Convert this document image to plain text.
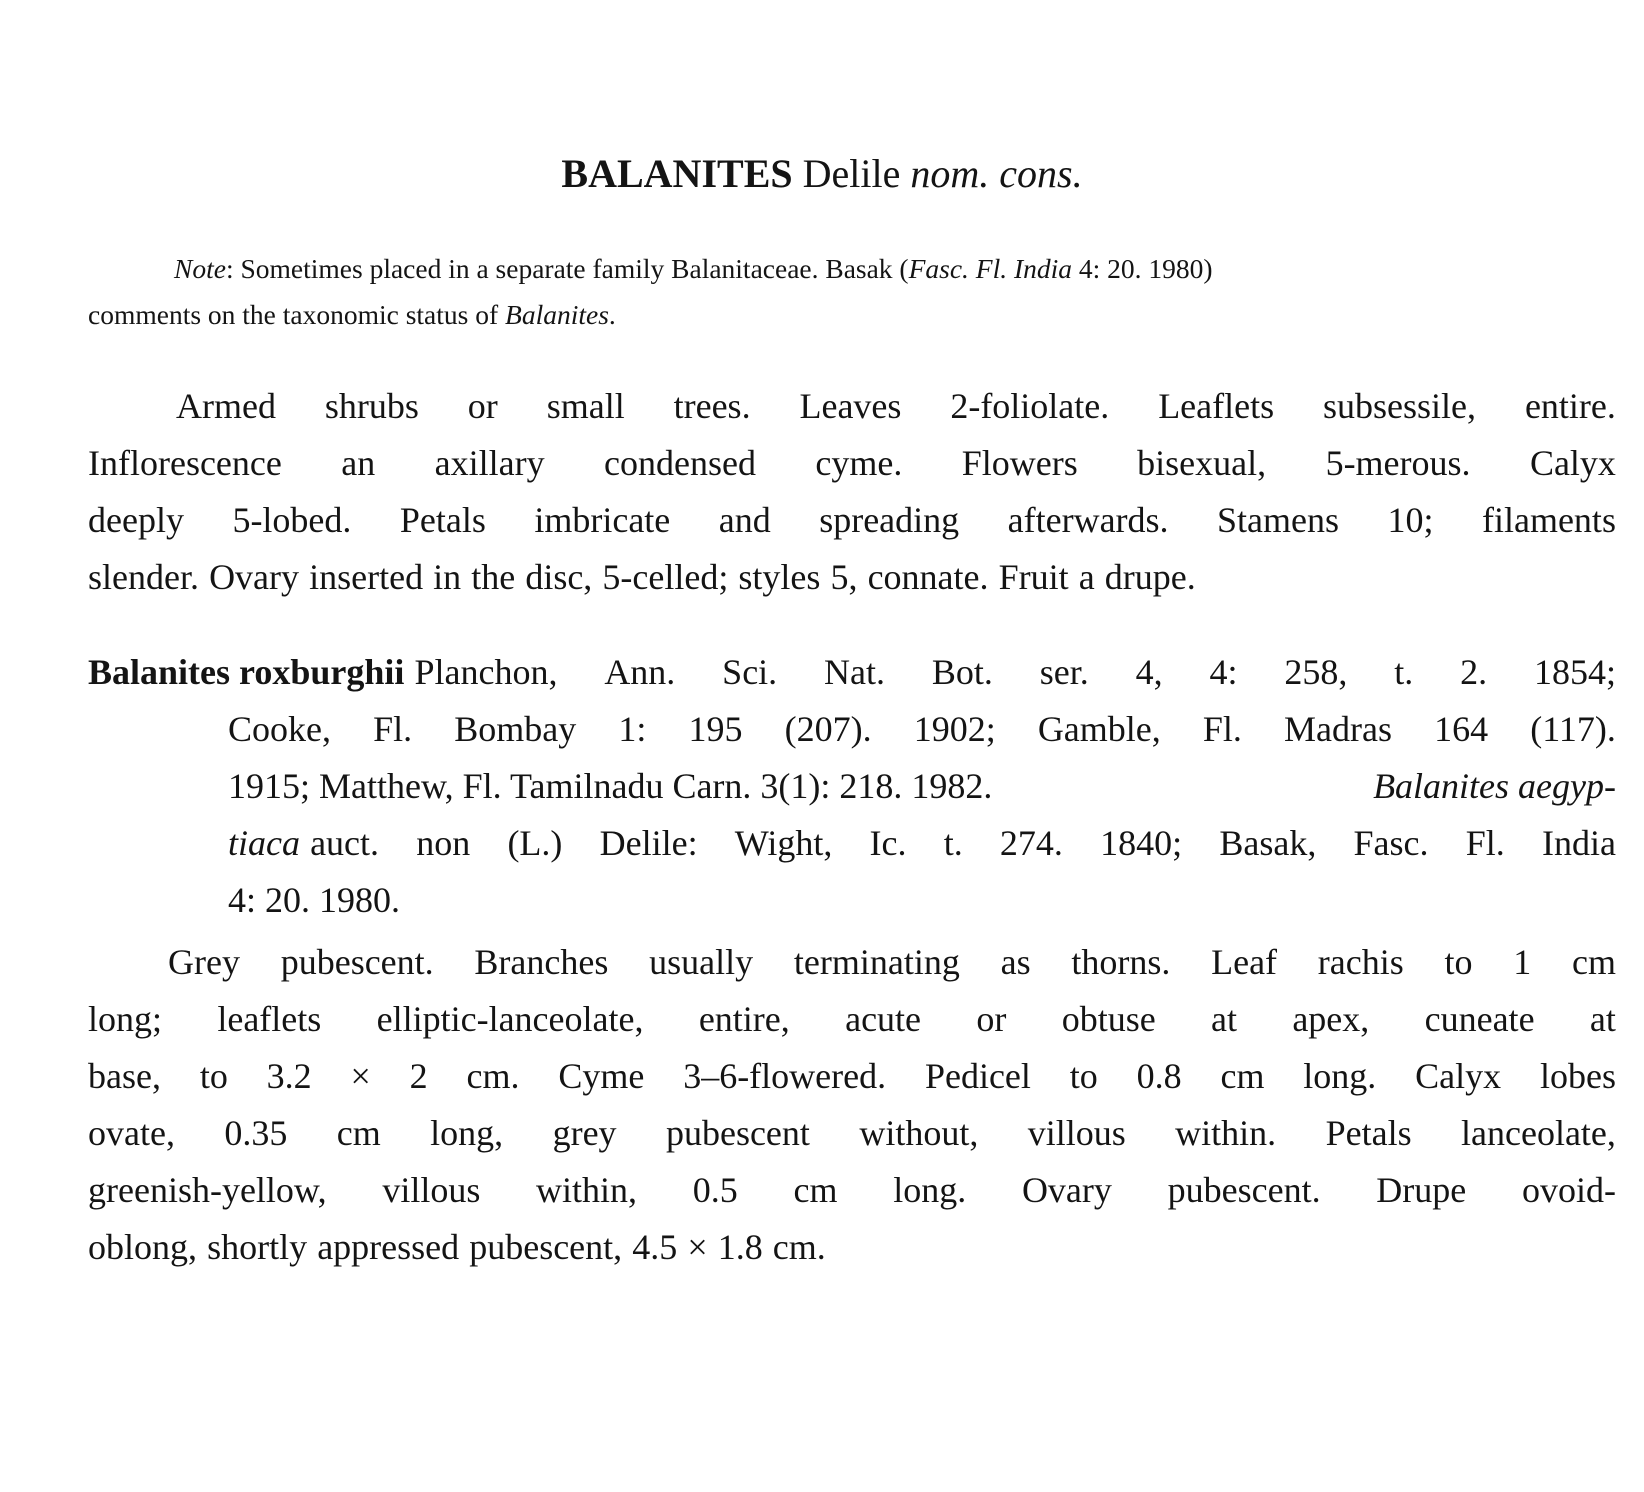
BALANITES Delile nom. cons.
Note: Sometimes placed in a separate family Balanitaceae. Basak (Fasc. Fl. India 4: 20. 1980)
comments on the taxonomic status of Balanites.
Armed shrubs or small trees. Leaves 2-foliolate. Leaflets subsessile, entire.
Inflorescence an axillary condensed cyme. Flowers bisexual, 5-merous. Calyx
deeply 5-lobed. Petals imbricate and spreading afterwards. Stamens 10; filaments
slender. Ovary inserted in the disc, 5-celled; styles 5, connate. Fruit a drupe.
Balanites roxburghii Planchon, Ann. Sci. Nat. Bot. ser. 4, 4: 258, t. 2. 1854;
Cooke, Fl. Bombay 1: 195 (207). 1902; Gamble, Fl. Madras 164 (117).
1915; Matthew, Fl. Tamilnadu Carn. 3(1): 218. 1982.	Balanites aegyp-
tiaca auct. non (L.) Delile: Wight, Ic. t. 274. 1840; Basak, Fasc. Fl. India
4: 20. 1980.
Grey pubescent. Branches usually terminating as thorns. Leaf rachis to 1 cm
long; leaflets elliptic-lanceolate, entire, acute or obtuse at apex, cuneate at
base, to 3.2 × 2 cm. Cyme 3–6-flowered. Pedicel to 0.8 cm long. Calyx lobes
ovate, 0.35 cm long, grey pubescent without, villous within. Petals lanceolate,
greenish-yellow, villous within, 0.5 cm long. Ovary pubescent. Drupe ovoid-
oblong, shortly appressed pubescent, 4.5 × 1.8 cm.
